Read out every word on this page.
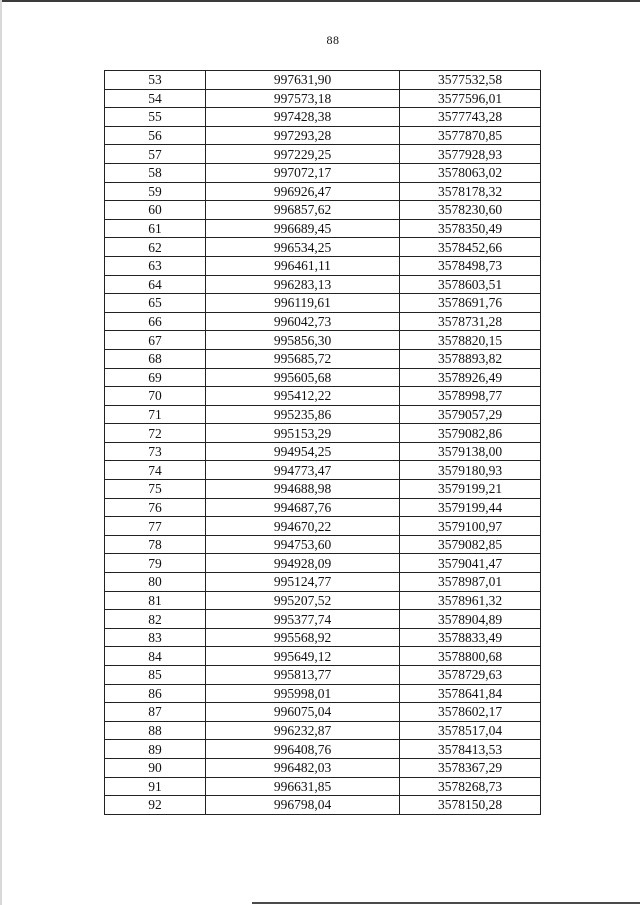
88
53	997631,90	3577532,58
54	997573,18	3577596,01
55	997428,38	3577743,28
56	997293,28	3577870,85
57	997229,25	3577928,93
58	997072,17	3578063,02
59	996926,47	3578178,32
60	996857,62	3578230,60
61	996689,45	3578350,49
62	996534,25	3578452,66
63	996461,11	3578498,73
64	996283,13	3578603,51
65	996119,61	3578691,76
66	996042,73	3578731,28
67	995856,30	3578820,15
68	995685,72	3578893,82
69	995605,68	3578926,49
70	995412,22	3578998,77
71	995235,86	3579057,29
72	995153,29	3579082,86
73	994954,25	3579138,00
74	994773,47	3579180,93
75	994688,98	3579199,21
76	994687,76	3579199,44
77	994670,22	3579100,97
78	994753,60	3579082,85
79	994928,09	3579041,47
80	995124,77	3578987,01
81	995207,52	3578961,32
82	995377,74	3578904,89
83	995568,92	3578833,49
84	995649,12	3578800,68
85	995813,77	3578729,63
86	995998,01	3578641,84
87	996075,04	3578602,17
88	996232,87	3578517,04
89	996408,76	3578413,53
90	996482,03	3578367,29
91	996631,85	3578268,73
92	996798,04	3578150,28
